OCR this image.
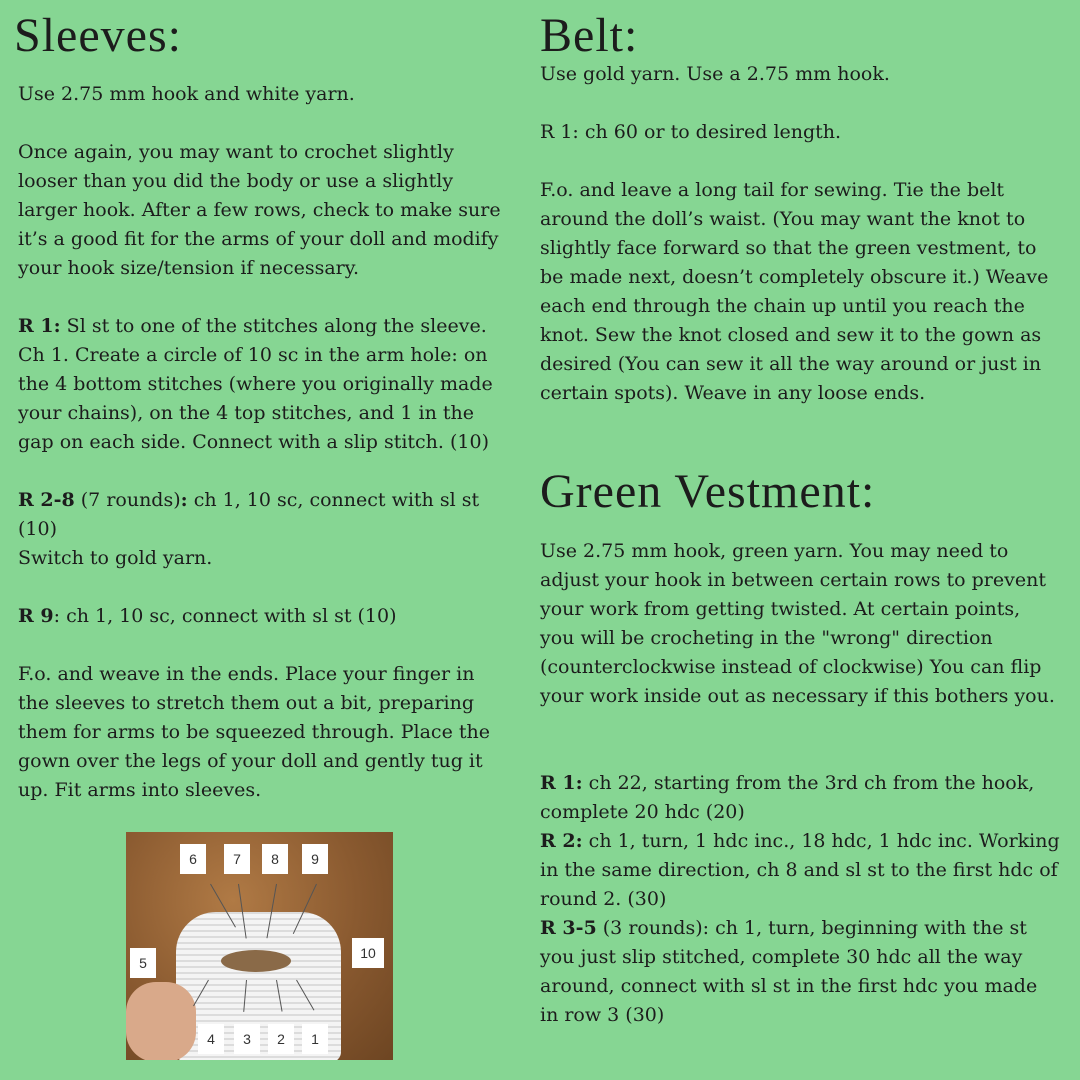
Sleeves:

Use 2.75 mm hook and white yarn.

Once again, you may want to crochet slightly looser than you did the body or use a slightly larger hook. After a few rows, check to make sure it’s a good fit for the arms of your doll and modify your hook size/tension if necessary.

R 1: Sl st to one of the stitches along the sleeve. Ch 1. Create a circle of 10 sc in the arm hole: on the 4 bottom stitches (where you originally made your chains), on the 4 top stitches, and 1 in the gap on each side. Connect with a slip stitch. (10)

R 2-8 (7 rounds): ch 1, 10 sc, connect with sl st (10)

Switch to gold yarn.

R 9: ch 1, 10 sc, connect with sl st (10)

F.o. and weave in the ends. Place your finger in the sleeves to stretch them out a bit, preparing them for arms to be squeezed through. Place the gown over the legs of your doll and gently tug it up. Fit arms into sleeves.

6	7	8	9
5
10
4	3	2	1
Belt:

Use gold yarn. Use a 2.75 mm hook.

R 1: ch 60 or to desired length.

F.o. and leave a long tail for sewing. Tie the belt around the doll’s waist. (You may want the knot to slightly face forward so that the green vestment, to be made next, doesn’t completely obscure it.) Weave each end through the chain up until you reach the knot. Sew the knot closed and sew it to the gown as desired (You can sew it all the way around or just in certain spots). Weave in any loose ends.

Green Vestment:

Use 2.75 mm hook, green yarn. You may need to adjust your hook in between certain rows to prevent your work from getting twisted. At certain points, you will be crocheting in the "wrong" direction (counterclockwise instead of clockwise) You can flip your work inside out as necessary if this bothers you.

R 1: ch 22, starting from the 3rd ch from the hook, complete 20 hdc (20)

R 2: ch 1, turn, 1 hdc inc., 18 hdc, 1 hdc inc. Working in the same direction, ch 8 and sl st to the first hdc of round 2. (30)

R 3-5 (3 rounds): ch 1, turn, beginning with the st you just slip stitched, complete 30 hdc all the way around, connect with sl st in the first hdc you made in row 3 (30)
